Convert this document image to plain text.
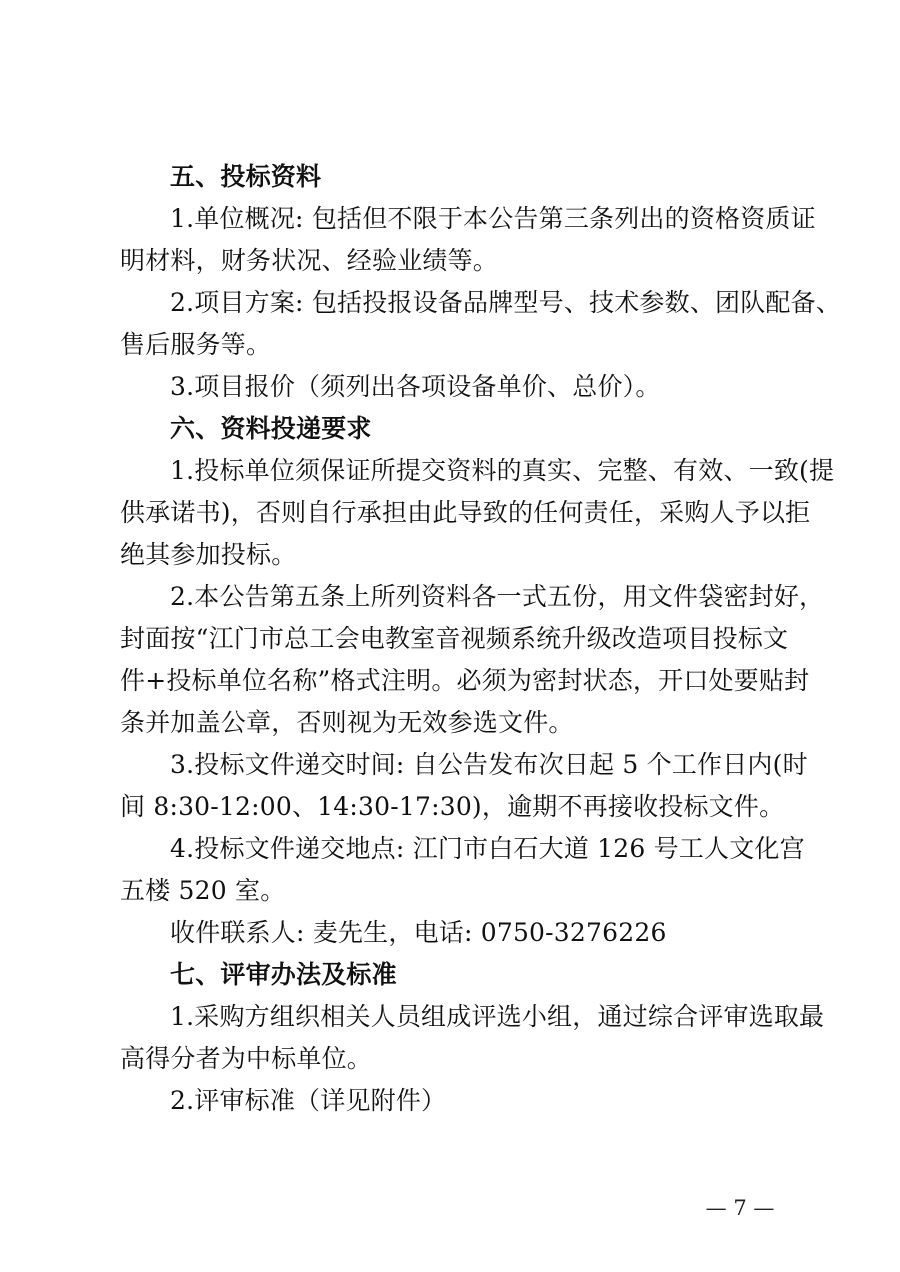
五、投标资料
1.单位概况: 包括但不限于本公告第三条列出的资格资质证
明材料，财务状况、经验业绩等。
2.项目方案: 包括投报设备品牌型号、技术参数、团队配备、
售后服务等。
3.项目报价（须列出各项设备单价、总价）。
六、资料投递要求
1.投标单位须保证所提交资料的真实、完整、有效、一致(提
供承诺书)，否则自行承担由此导致的任何责任，采购人予以拒
绝其参加投标。
2.本公告第五条上所列资料各一式五份，用文件袋密封好，
封面按“江门市总工会电教室音视频系统升级改造项目投标文
件+投标单位名称”格式注明。必须为密封状态，开口处要贴封
条并加盖公章，否则视为无效参选文件。
3.投标文件递交时间: 自公告发布次日起 5 个工作日内(时
间 8:30-12:00、14:30-17:30)，逾期不再接收投标文件。
4.投标文件递交地点: 江门市白石大道 126 号工人文化宫
五楼 520 室。
收件联系人: 麦先生，电话: 0750-3276226
七、评审办法及标准
1.采购方组织相关人员组成评选小组，通过综合评审选取最
高得分者为中标单位。
2.评审标准（详见附件）
— 7 —
